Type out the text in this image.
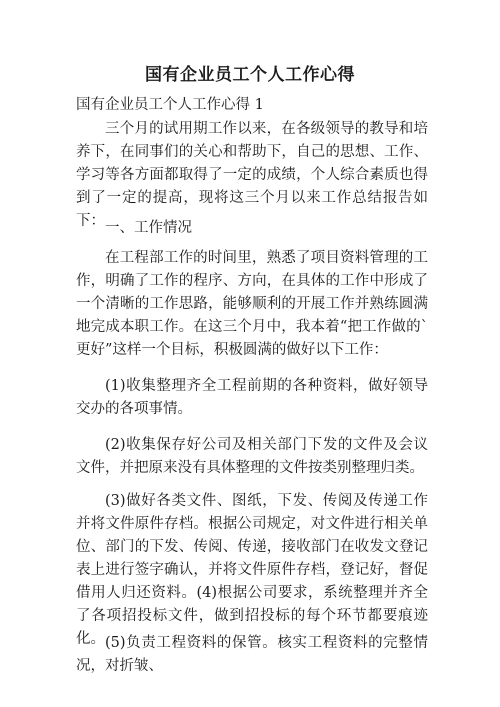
国有企业员工个人工作心得
国有企业员工个人工作心得 1

三个月的试用期工作以来，在各级领导的教导和培养下，在同事们的关心和帮助下，自己的思想、工作、学习等各方面都取得了一定的成绩，个人综合素质也得到了一定的提高，现将这三个月以来工作总结报告如下： 一、工作情况

在工程部工作的时间里，熟悉了项目资料管理的工作，明确了工作的程序、方向，在具体的工作中形成了一个清晰的工作思路，能够顺利的开展工作并熟练圆满地完成本职工作。在这三个月中，我本着“把工作做的`更好”这样一个目标，积极圆满的做好以下工作：

(1)收集整理齐全工程前期的各种资料，做好领导交办的各项事情。

(2)收集保存好公司及相关部门下发的文件及会议文件，并把原来没有具体整理的文件按类别整理归类。

(3)做好各类文件、图纸，下发、传阅及传递工作并将文件原件存档。根据公司规定，对文件进行相关单位、部门的下发、传阅、传递，接收部门在收发文登记表上进行签字确认，并将文件原件存档，登记好，督促借用人归还资料。(4)根据公司要求，系统整理并齐全了各项招投标文件，做到招投标的每个环节都要痕迹化。 (5)负责工程资料的保管。核实工程资料的完整情况，对折皱、
